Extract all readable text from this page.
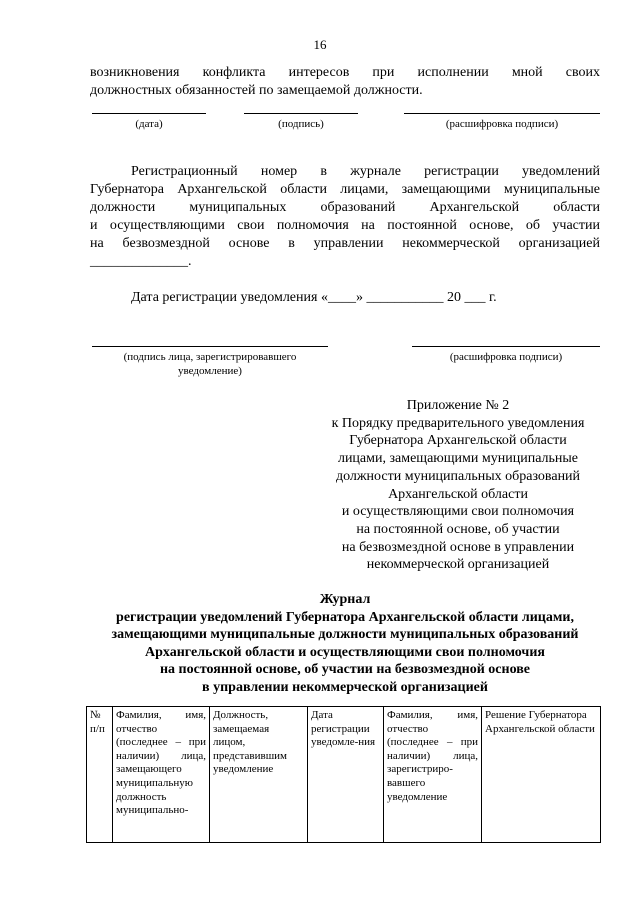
16
возникновения конфликта интересов при исполнении мной своих
должностных обязанностей по замещаемой должности.
(дата)	(подпись)	(расшифровка подписи)
Регистрационный номер в журнале регистрации уведомлений
Губернатора Архангельской области лицами, замещающими муниципальные
должности муниципальных образований Архангельской области
и осуществляющими свои полномочия на постоянной основе, об участии
на безвозмездной основе в управлении некоммерческой организацией
______________.
Дата регистрации уведомления «____» ___________ 20 ___ г.
(подпись лица, зарегистрировавшего
уведомление)
(расшифровка подписи)
Приложение № 2
к Порядку предварительного уведомления
Губернатора Архангельской области
лицами, замещающими муниципальные
должности муниципальных образований
Архангельской области
и осуществляющими свои полномочия
на постоянной основе, об участии
на безвозмездной основе в управлении
некоммерческой организацией
Журнал
регистрации уведомлений Губернатора Архангельской области лицами,
замещающими муниципальные должности муниципальных образований
Архангельской области и осуществляющими свои полномочия
на постоянной основе, об участии на безвозмездной основе
в управлении некоммерческой организацией
№ п/п	Фамилия, имя, отчество (последнее – при наличии) лица, замещающего муниципальную должность муниципально-	Должность, замещаемая лицом, представившим уведомление	Дата регистрации уведомле-ния	Фамилия, имя, отчество (последнее – при наличии) лица, зарегистриро-вавшего уведомление	Решение Губернатора Архангельской области
